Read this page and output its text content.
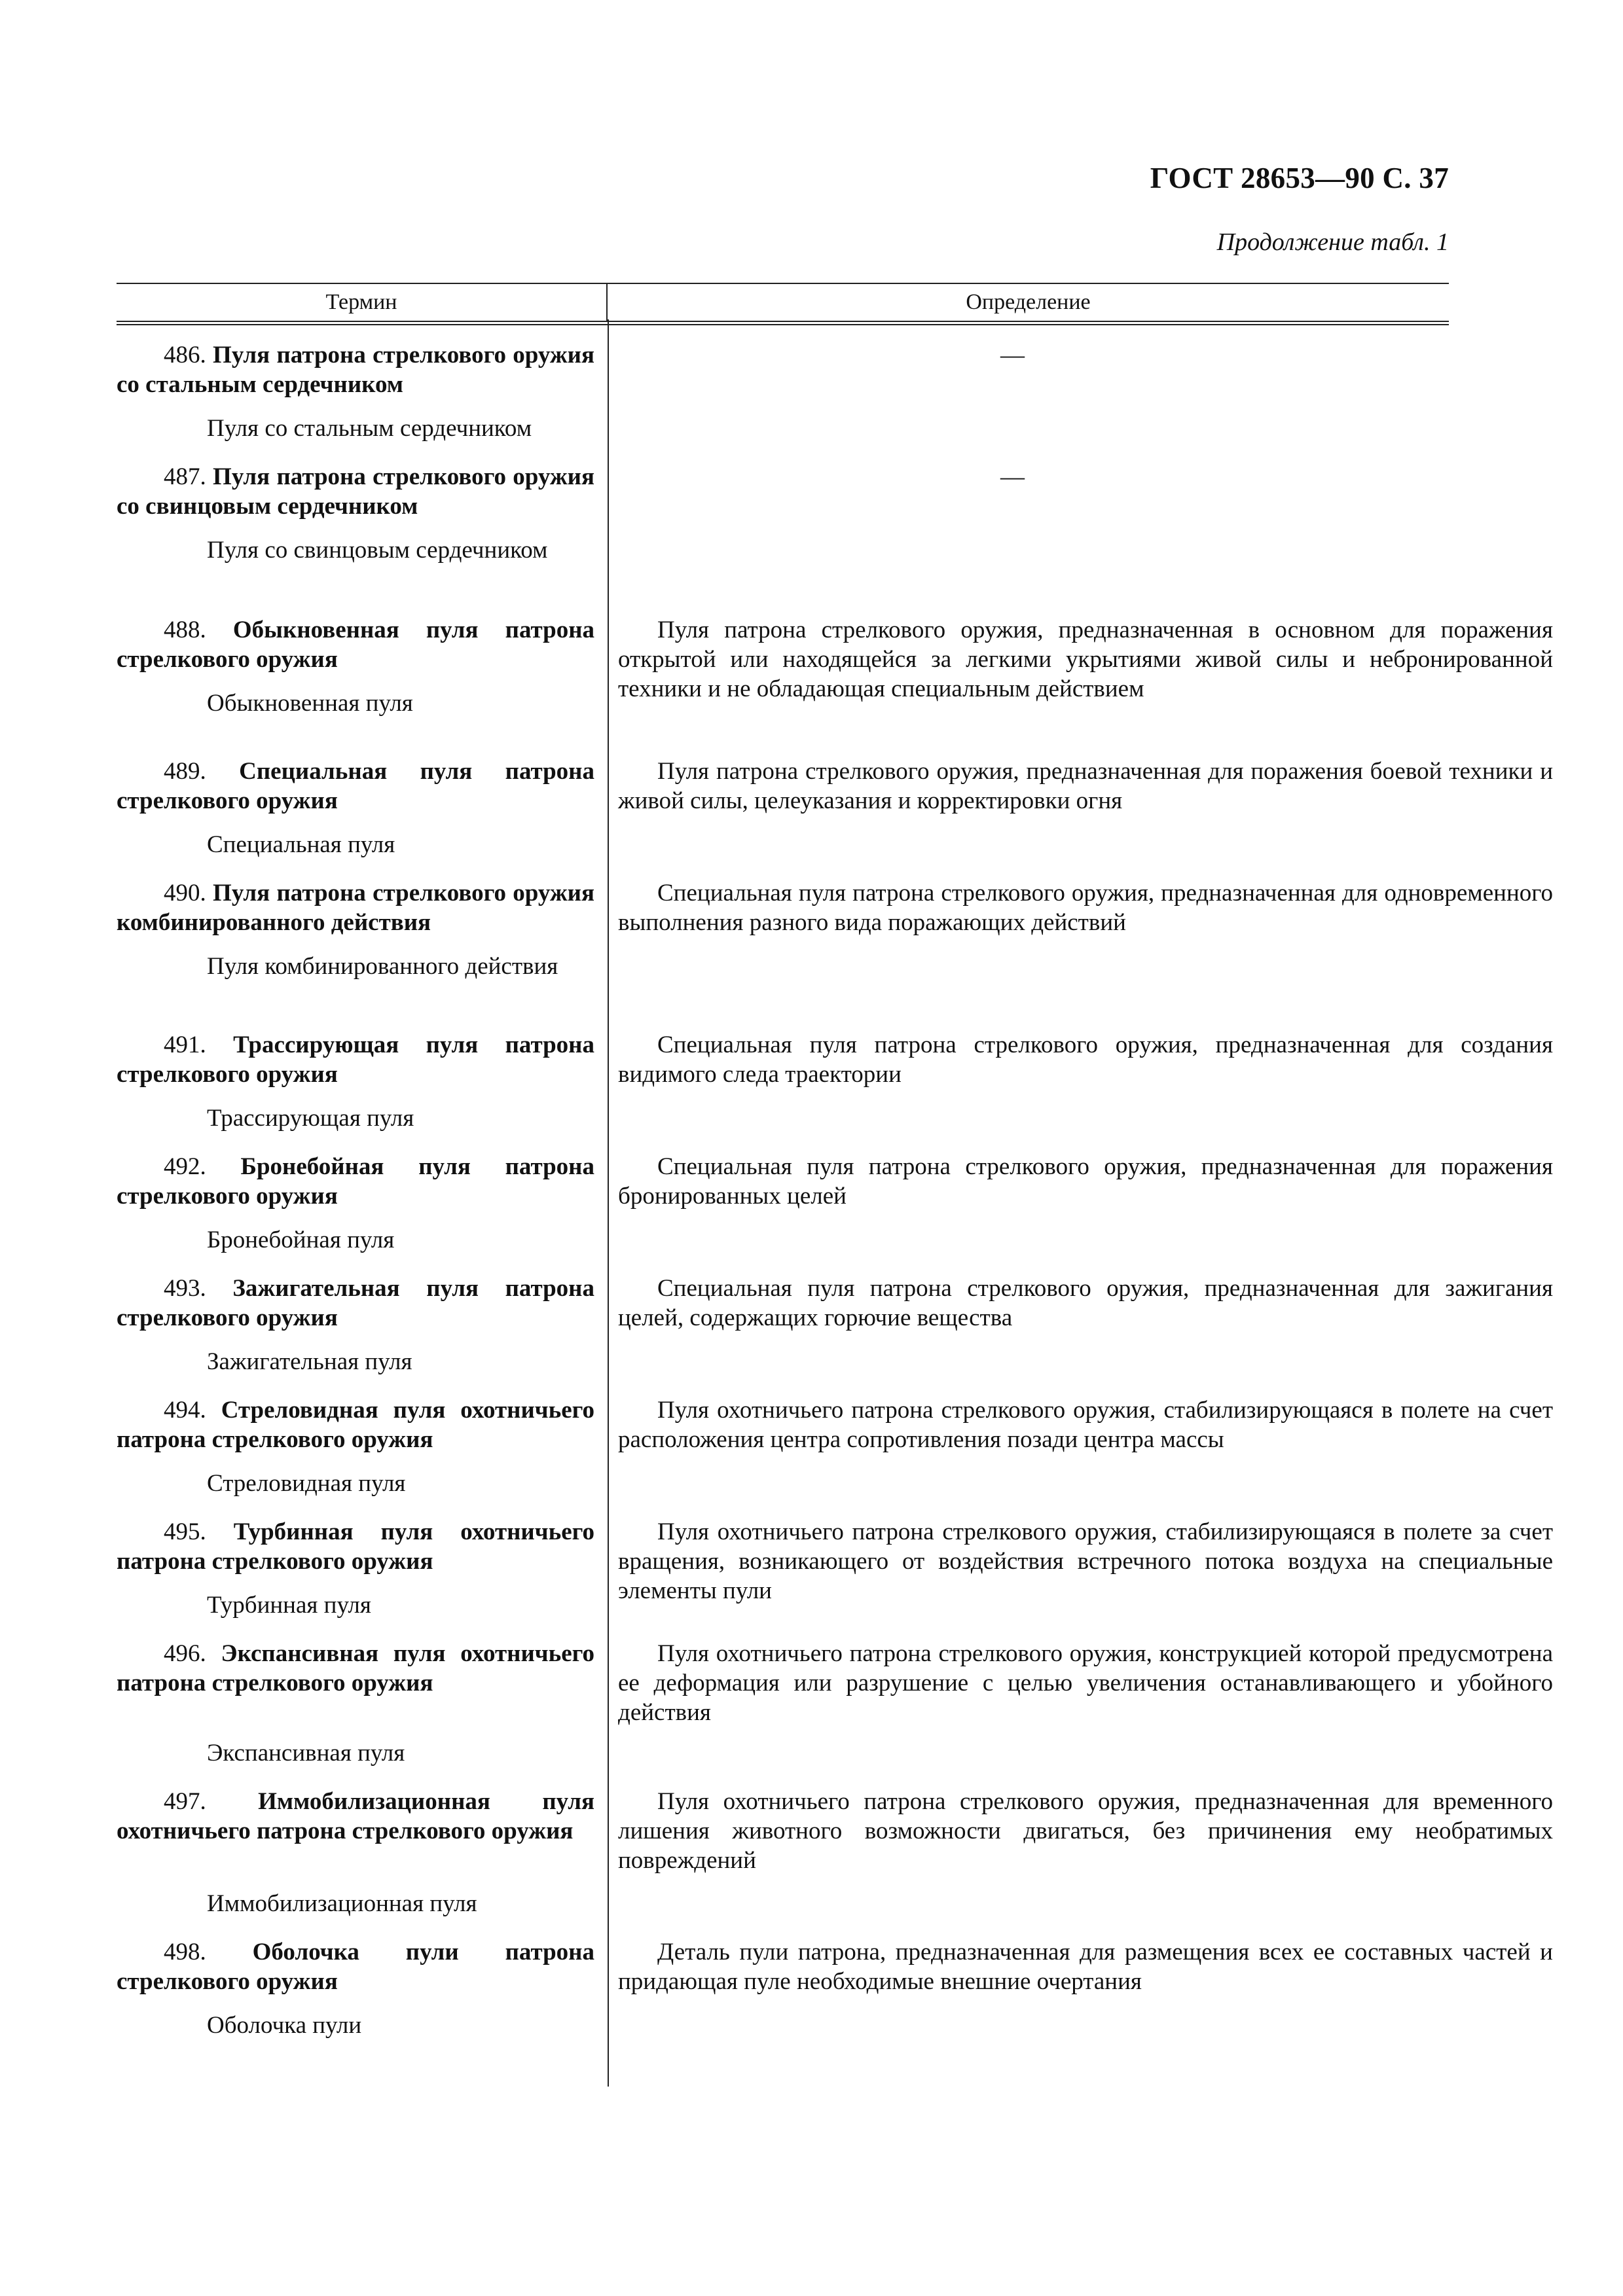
ГОСТ 28653—90 С. 37
Продолжение табл. 1
Термин	Определение
486. Пуля патрона стрелкового оружия со стальным сердечником
Пуля со стальным сердечником
—
487. Пуля патрона стрелкового оружия со свинцовым сердечником
Пуля со свинцовым сердечником
—
488. Обыкновенная пуля патрона стрелкового оружия
Обыкновенная пуля
Пуля патрона стрелкового оружия, предназначенная в основном для поражения открытой или находящейся за легкими укрытиями живой силы и небронированной техники и не обладающая специальным действием
489. Специальная пуля патрона стрелкового оружия
Специальная пуля
Пуля патрона стрелкового оружия, предназначенная для поражения боевой техники и живой силы, целеуказания и корректировки огня
490. Пуля патрона стрелкового оружия комбинированного действия
Пуля комбинированного действия
Специальная пуля патрона стрелкового оружия, предназначенная для одновременного выполнения разного вида поражающих действий
491. Трассирующая пуля патрона стрелкового оружия
Трассирующая пуля
Специальная пуля патрона стрелкового оружия, предназначенная для создания видимого следа траектории
492. Бронебойная пуля патрона стрелкового оружия
Бронебойная пуля
Специальная пуля патрона стрелкового оружия, предназначенная для поражения бронированных целей
493. Зажигательная пуля патрона стрелкового оружия
Зажигательная пуля
Специальная пуля патрона стрелкового оружия, предназначенная для зажигания целей, содержащих горючие вещества
494. Стреловидная пуля охотничьего патрона стрелкового оружия
Стреловидная пуля
Пуля охотничьего патрона стрелкового оружия, стабилизирующаяся в полете на счет расположения центра сопротивления позади центра массы
495. Турбинная пуля охотничьего патрона стрелкового оружия
Турбинная пуля
Пуля охотничьего патрона стрелкового оружия, стабилизирующаяся в полете за счет вращения, возникающего от воздействия встречного потока воздуха на специальные элементы пули
496. Экспансивная пуля охотничьего патрона стрелкового оружия
Экспансивная пуля
Пуля охотничьего патрона стрелкового оружия, конструкцией которой предусмотрена ее деформация или разрушение с целью увеличения останавливающего и убойного действия
497. Иммобилизационная пуля охотничьего патрона стрелкового оружия
Иммобилизационная пуля
Пуля охотничьего патрона стрелкового оружия, предназначенная для временного лишения животного возможности двигаться, без причинения ему необратимых повреждений
498. Оболочка пули патрона стрелкового оружия
Оболочка пули
Деталь пули патрона, предназначенная для размещения всех ее составных частей и придающая пуле необходимые внешние очертания
